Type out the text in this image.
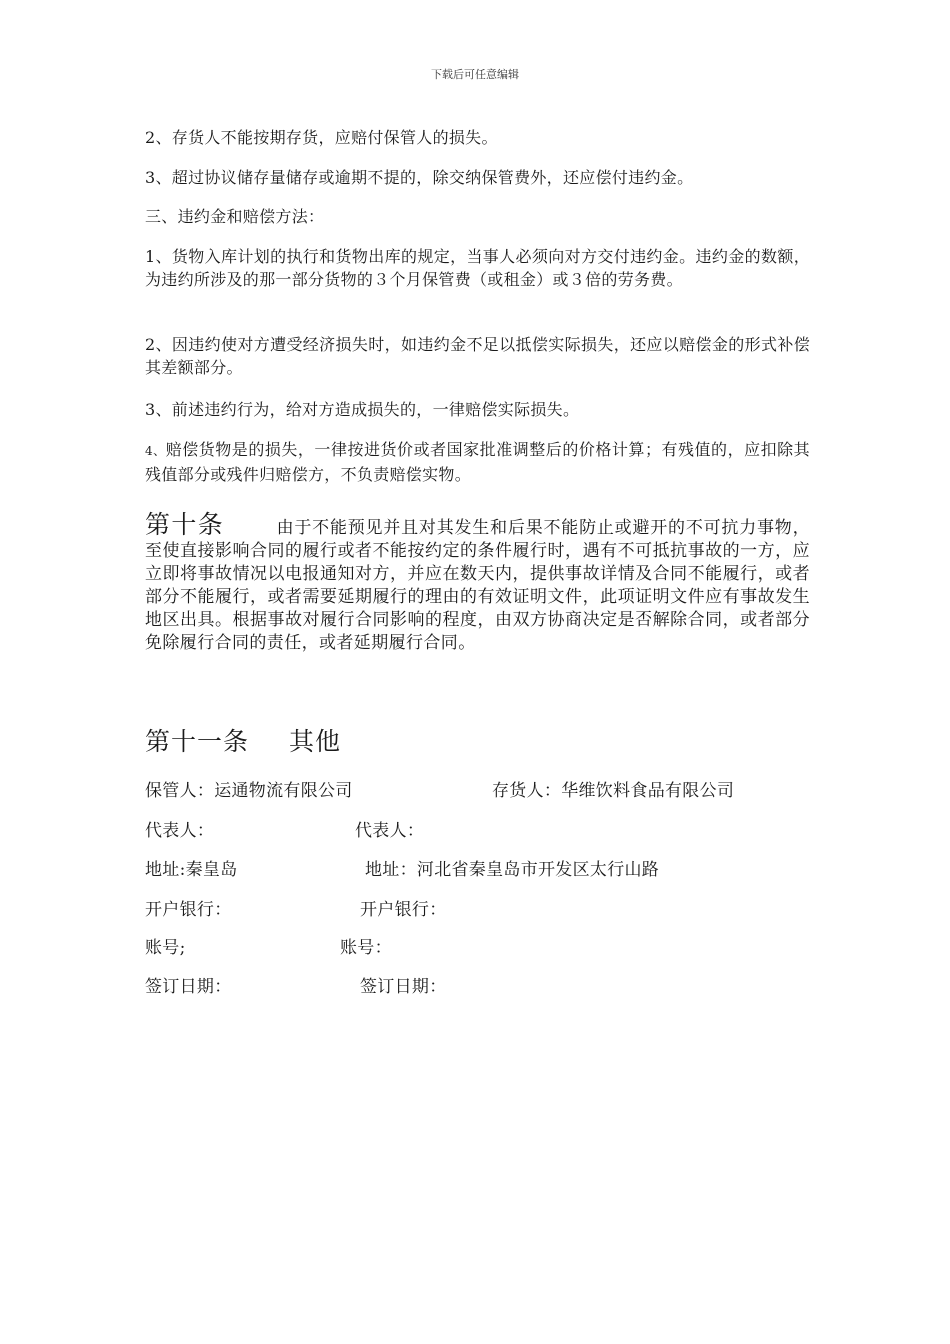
下载后可任意编辑
2、存货人不能按期存货，应赔付保管人的损失。
3、超过协议储存量储存或逾期不提的，除交纳保管费外，还应偿付违约金。
三、违约金和赔偿方法：
1、货物入库计划的执行和货物出库的规定，当事人必须向对方交付违约金。违约金的数额，为违约所涉及的那一部分货物的３个月保管费（或租金）或３倍的劳务费。
2、因违约使对方遭受经济损失时，如违约金不足以抵偿实际损失，还应以赔偿金的形式补偿其差额部分。
3、前述违约行为，给对方造成损失的，一律赔偿实际损失。
4、赔偿货物是的损失，一律按进货价或者国家批准调整后的价格计算；有残值的，应扣除其残值部分或残件归赔偿方，不负责赔偿实物。
第十条	由于不能预见并且对其发生和后果不能防止或避开的不可抗力事物，至使直接影响合同的履行或者不能按约定的条件履行时，遇有不可抵抗事故的一方，应立即将事故情况以电报通知对方，并应在数天内，提供事故详情及合同不能履行，或者部分不能履行，或者需要延期履行的理由的有效证明文件，此项证明文件应有事故发生地区出具。根据事故对履行合同影响的程度，由双方协商决定是否解除合同，或者部分免除履行合同的责任，或者延期履行合同。
第十一条 其他
保管人：运通物流有限公司	存货人：华维饮料食品有限公司
代表人：	代表人：
地址:秦皇岛	地址：河北省秦皇岛市开发区太行山路
开户银行：	开户银行：
账号;	账号：
签订日期：	签订日期：
